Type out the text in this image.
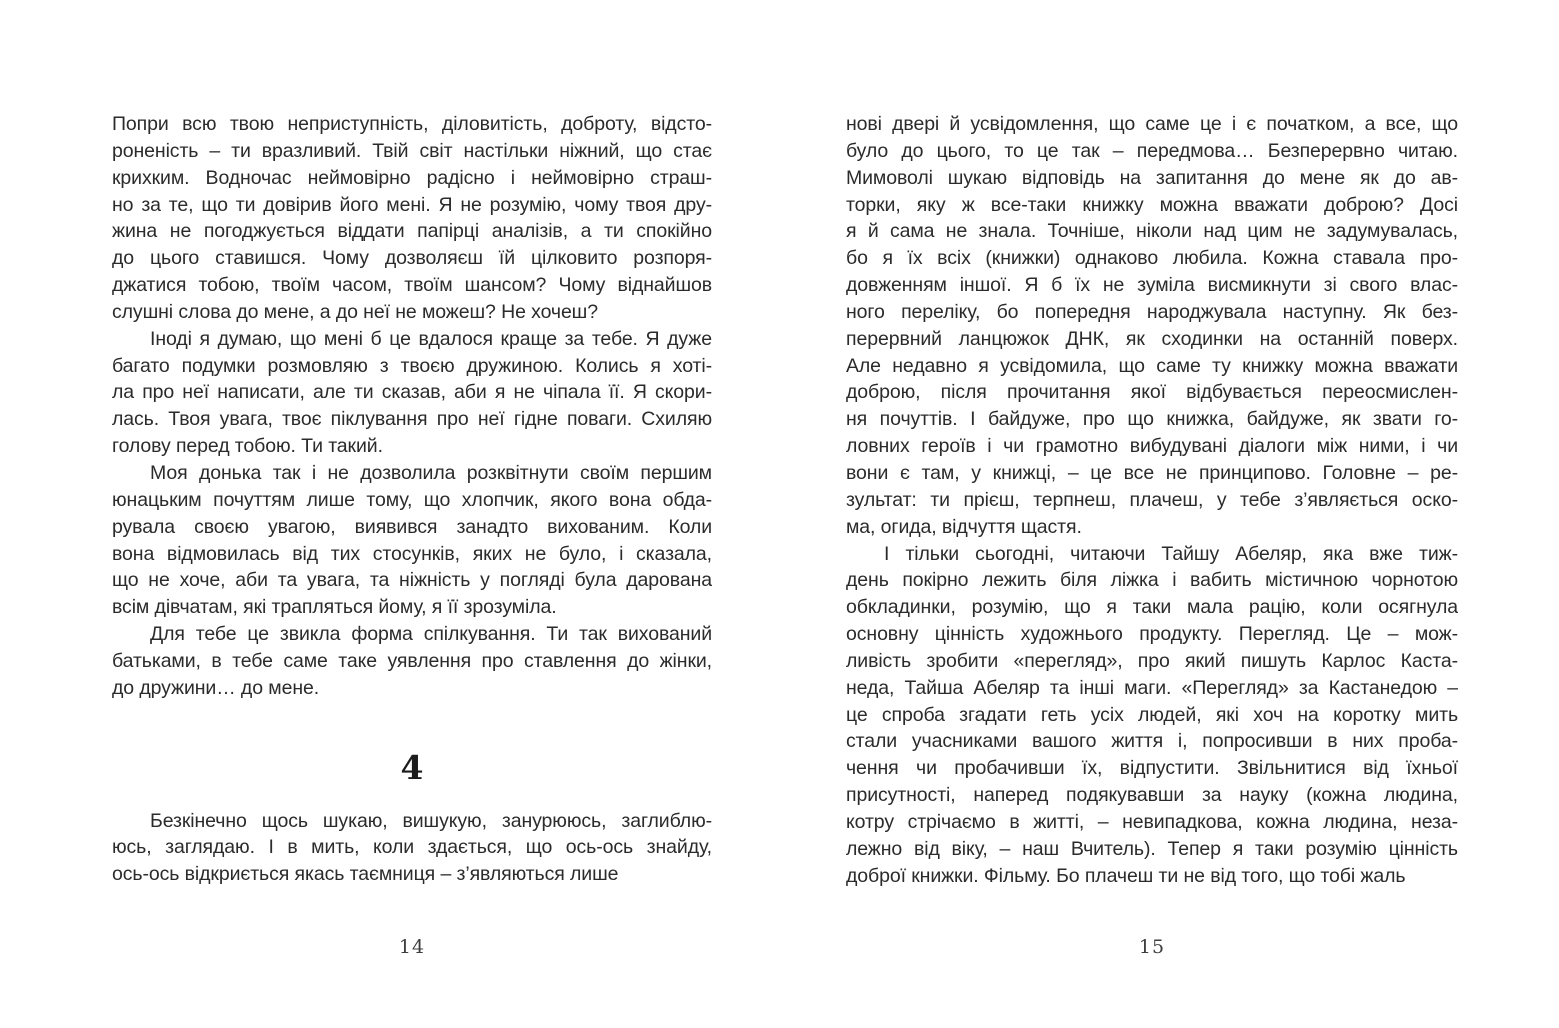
Попри всю твою неприступність, діловитість, доброту, відсто-
роненість – ти вразливий. Твій світ настільки ніжний, що стає
крихким. Водночас неймовірно радісно і неймовірно страш-
но за те, що ти довірив його мені. Я не розумію, чому твоя дру-
жина не погоджується віддати папірці аналізів, а ти спокійно
до цього ставишся. Чому дозволяєш їй цілковито розпоря-
джатися тобою, твоїм часом, твоїм шансом? Чому віднайшов
слушні слова до мене, а до неї не можеш? Не хочеш?
Іноді я думаю, що мені б це вдалося краще за тебе. Я дуже
багато подумки розмовляю з твоєю дружиною. Колись я хоті-
ла про неї написати, але ти сказав, аби я не чіпала її. Я скори-
лась. Твоя увага, твоє піклування про неї гідне поваги. Схиляю
голову перед тобою. Ти такий.
Моя донька так і не дозволила розквітнути своїм першим
юнацьким почуттям лише тому, що хлопчик, якого вона обда-
рувала своєю увагою, виявився занадто вихованим. Коли
вона відмовилась від тих стосунків, яких не було, і сказала,
що не хоче, аби та увага, та ніжність у погляді була дарована
всім дівчатам, які трапляться йому, я її зрозуміла.
Для тебе це звикла форма спілкування. Ти так вихований
батьками, в тебе саме таке уявлення про ставлення до жінки,
до дружини… до мене.
4
Безкінечно щось шукаю, вишукую, занурююсь, заглиблю-
юсь, заглядаю. І в мить, коли здається, що ось-ось знайду,
ось-ось відкриється якась таємниця – з’являються лише
14
нові двері й усвідомлення, що саме це і є початком, а все, що
було до цього, то це так – передмова… Безперервно читаю.
Мимоволі шукаю відповідь на запитання до мене як до ав-
торки, яку ж все-таки книжку можна вважати доброю? Досі
я й сама не знала. Точніше, ніколи над цим не задумувалась,
бо я їх всіх (книжки) однаково любила. Кожна ставала про-
довженням іншої. Я б їх не зуміла висмикнути зі свого влас-
ного переліку, бо попередня народжувала наступну. Як без-
перервний ланцюжок ДНК, як сходинки на останній поверх.
Але недавно я усвідомила, що саме ту книжку можна вважати
доброю, після прочитання якої відбувається переосмислен-
ня почуттів. І байдуже, про що книжка, байдуже, як звати го-
ловних героїв і чи грамотно вибудувані діалоги між ними, і чи
вони є там, у книжці, – це все не принципово. Головне – ре-
зультат: ти прієш, терпнеш, плачеш, у тебе з’являється оско-
ма, огида, відчуття щастя.
І тільки сьогодні, читаючи Тайшу Абеляр, яка вже тиж-
день покірно лежить біля ліжка і вабить містичною чорнотою
обкладинки, розумію, що я таки мала рацію, коли осягнула
основну цінність художнього продукту. Перегляд. Це – мож-
ливість зробити «перегляд», про який пишуть Карлос Каста-
неда, Тайша Абеляр та інші маги. «Перегляд» за Кастанедою –
це спроба згадати геть усіх людей, які хоч на коротку мить
стали учасниками вашого життя і, попросивши в них проба-
чення чи пробачивши їх, відпустити. Звільнитися від їхньої
присутності, наперед подякувавши за науку (кожна людина,
котру стрічаємо в житті, – невипадкова, кожна людина, неза-
лежно від віку, – наш Вчитель). Тепер я таки розумію цінність
доброї книжки. Фільму. Бо плачеш ти не від того, що тобі жаль
15
